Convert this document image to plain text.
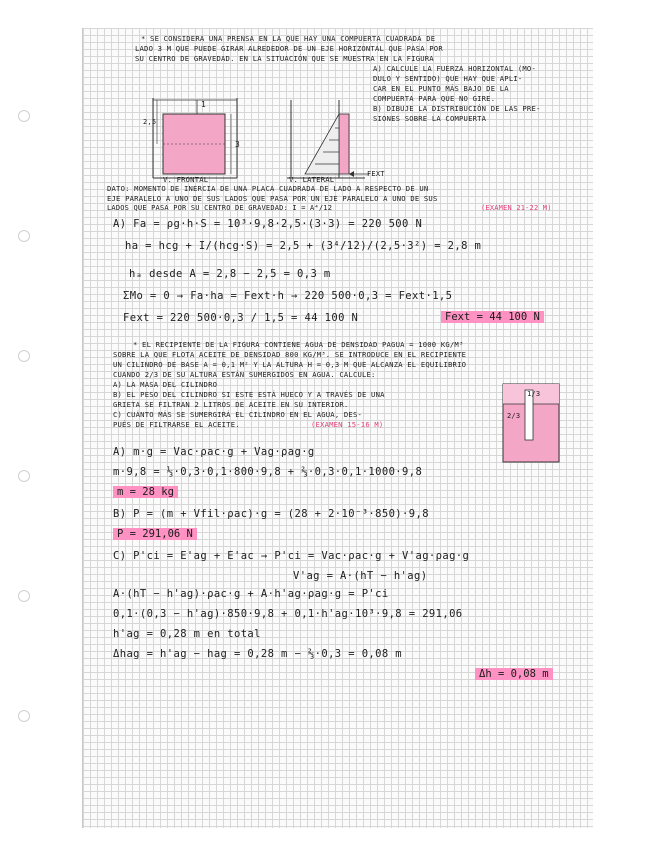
* SE CONSIDERA UNA PRENSA EN LA QUE HAY UNA COMPUERTA CUADRADA DE
LADO 3 M QUE PUEDE GIRAR ALREDEDOR DE UN EJE HORIZONTAL QUE PASA POR
SU CENTRO DE GRAVEDAD. EN LA SITUACIÓN QUE SE MUESTRA EN LA FIGURA
A) CALCULE LA FUERZA HORIZONTAL (MO-
DULO Y SENTIDO) QUE HAY QUE APLI-
CAR EN EL PUNTO MÁS BAJO DE LA
COMPUERTA PARA QUE NO GIRE.
B) DIBUJE LA DISTRIBUCIÓN DE LAS PRE-
SIONES SOBRE LA COMPUERTA
1
2,5
3
V. FRONTAL
FEXT
V. LATERAL
DATO: MOMENTO DE INERCIA DE UNA PLACA CUADRADA DE LADO A RESPECTO DE UN
EJE PARALELO A UNO DE SUS LADOS QUE PASA POR UN EJE PARALELO A UNO DE SUS
LADOS QUE PASA POR SU CENTRO DE GRAVEDAD: I = A⁴/12	(EXAMEN 21-22 M)
A) Fa = ρg·h·S = 10³·9,8·2,5·(3·3) = 220 500 N
ha = hcg + I/(hcg·S) = 2,5 + (3⁴/12)/(2,5·3²) = 2,8 m
hₐ desde A = 2,8 − 2,5 = 0,3 m
ΣMo = 0 → Fa·ha = Fext·h → 220 500·0,3 = Fext·1,5
Fext = 220 500·0,3 / 1,5 = 44 100 N	Fext = 44 100 N
* EL RECIPIENTE DE LA FIGURA CONTIENE AGUA DE DENSIDAD ΡAGUA = 1000 KG/M³
SOBRE LA QUE FLOTA ACEITE DE DENSIDAD 800 KG/M³. SE INTRODUCE EN EL RECIPIENTE
UN CILINDRO DE BASE A = 0,1 M² Y LA ALTURA H = 0,3 M QUE ALCANZA EL EQUILIBRIO
CUANDO 2/3 DE SU ALTURA ESTÁN SUMERGIDOS EN AGUA. CALCULE:
A) LA MASA DEL CILINDRO
B) EL PESO DEL CILINDRO SI ESTE ESTÁ HUECO Y A TRAVÉS DE UNA
GRIETA SE FILTRAN 2 LITROS DE ACEITE EN SU INTERIOR.
C) CUÁNTO MÁS SE SUMERGIRÁ EL CILINDRO EN EL AGUA, DES-
PUÉS DE FILTRARSE EL ACEITE.	(EXAMEN 15-16 M)
1/3
2/3
A) m·g = Vac·ρac·g + Vag·ρag·g
m·9,8 = ⅓·0,3·0,1·800·9,8 + ⅔·0,3·0,1·1000·9,8
m = 28 kg
B) P = (m + Vfil·ρac)·g = (28 + 2·10⁻³·850)·9,8
P = 291,06 N
C) P'ci = E'ag + E'ac → P'ci = Vac·ρac·g + V'ag·ρag·g
V'ag = A·(hT − h'ag)
A·(hT − h'ag)·ρac·g + A·h'ag·ρag·g = P'ci
0,1·(0,3 − h'ag)·850·9,8 + 0,1·h'ag·10³·9,8 = 291,06
h'ag = 0,28 m en total
Δhag = h'ag − hag = 0,28 m − ⅔·0,3 = 0,08 m
Δh = 0,08 m
